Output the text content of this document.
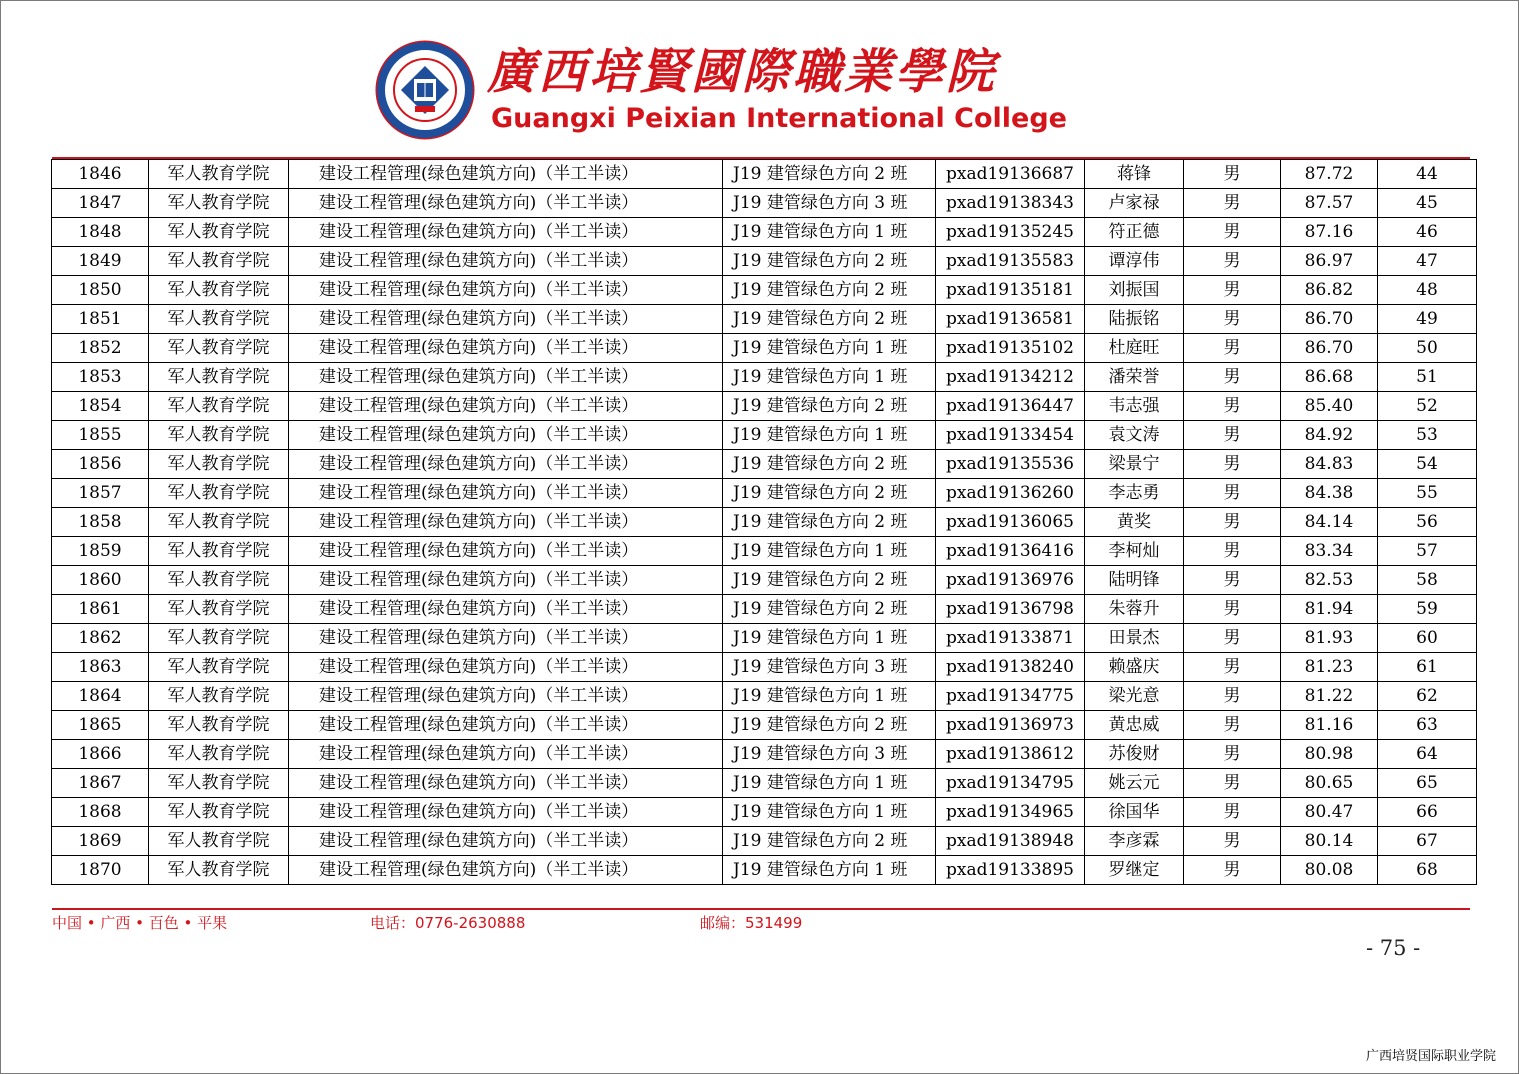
廣西培賢國際職業學院
Guangxi Peixian International College
1846	军人教育学院	建设工程管理(绿色建筑方向)（半工半读）	J19 建管绿色方向 2 班	pxad19136687	蒋锋	男	87.72	44
1847	军人教育学院	建设工程管理(绿色建筑方向)（半工半读）	J19 建管绿色方向 3 班	pxad19138343	卢家禄	男	87.57	45
1848	军人教育学院	建设工程管理(绿色建筑方向)（半工半读）	J19 建管绿色方向 1 班	pxad19135245	符正德	男	87.16	46
1849	军人教育学院	建设工程管理(绿色建筑方向)（半工半读）	J19 建管绿色方向 2 班	pxad19135583	谭淳伟	男	86.97	47
1850	军人教育学院	建设工程管理(绿色建筑方向)（半工半读）	J19 建管绿色方向 2 班	pxad19135181	刘振国	男	86.82	48
1851	军人教育学院	建设工程管理(绿色建筑方向)（半工半读）	J19 建管绿色方向 2 班	pxad19136581	陆振铭	男	86.70	49
1852	军人教育学院	建设工程管理(绿色建筑方向)（半工半读）	J19 建管绿色方向 1 班	pxad19135102	杜庭旺	男	86.70	50
1853	军人教育学院	建设工程管理(绿色建筑方向)（半工半读）	J19 建管绿色方向 1 班	pxad19134212	潘荣誉	男	86.68	51
1854	军人教育学院	建设工程管理(绿色建筑方向)（半工半读）	J19 建管绿色方向 2 班	pxad19136447	韦志强	男	85.40	52
1855	军人教育学院	建设工程管理(绿色建筑方向)（半工半读）	J19 建管绿色方向 1 班	pxad19133454	袁文涛	男	84.92	53
1856	军人教育学院	建设工程管理(绿色建筑方向)（半工半读）	J19 建管绿色方向 2 班	pxad19135536	梁景宁	男	84.83	54
1857	军人教育学院	建设工程管理(绿色建筑方向)（半工半读）	J19 建管绿色方向 2 班	pxad19136260	李志勇	男	84.38	55
1858	军人教育学院	建设工程管理(绿色建筑方向)（半工半读）	J19 建管绿色方向 2 班	pxad19136065	黄奖	男	84.14	56
1859	军人教育学院	建设工程管理(绿色建筑方向)（半工半读）	J19 建管绿色方向 1 班	pxad19136416	李柯灿	男	83.34	57
1860	军人教育学院	建设工程管理(绿色建筑方向)（半工半读）	J19 建管绿色方向 2 班	pxad19136976	陆明锋	男	82.53	58
1861	军人教育学院	建设工程管理(绿色建筑方向)（半工半读）	J19 建管绿色方向 2 班	pxad19136798	朱蓉升	男	81.94	59
1862	军人教育学院	建设工程管理(绿色建筑方向)（半工半读）	J19 建管绿色方向 1 班	pxad19133871	田景杰	男	81.93	60
1863	军人教育学院	建设工程管理(绿色建筑方向)（半工半读）	J19 建管绿色方向 3 班	pxad19138240	赖盛庆	男	81.23	61
1864	军人教育学院	建设工程管理(绿色建筑方向)（半工半读）	J19 建管绿色方向 1 班	pxad19134775	梁光意	男	81.22	62
1865	军人教育学院	建设工程管理(绿色建筑方向)（半工半读）	J19 建管绿色方向 2 班	pxad19136973	黄忠威	男	81.16	63
1866	军人教育学院	建设工程管理(绿色建筑方向)（半工半读）	J19 建管绿色方向 3 班	pxad19138612	苏俊财	男	80.98	64
1867	军人教育学院	建设工程管理(绿色建筑方向)（半工半读）	J19 建管绿色方向 1 班	pxad19134795	姚云元	男	80.65	65
1868	军人教育学院	建设工程管理(绿色建筑方向)（半工半读）	J19 建管绿色方向 1 班	pxad19134965	徐国华	男	80.47	66
1869	军人教育学院	建设工程管理(绿色建筑方向)（半工半读）	J19 建管绿色方向 2 班	pxad19138948	李彦霖	男	80.14	67
1870	军人教育学院	建设工程管理(绿色建筑方向)（半工半读）	J19 建管绿色方向 1 班	pxad19133895	罗继定	男	80.08	68
中国 • 广西 • 百色 • 平果	电话：0776-2630888	邮编：531499
- 75 -
广西培贤国际职业学院
